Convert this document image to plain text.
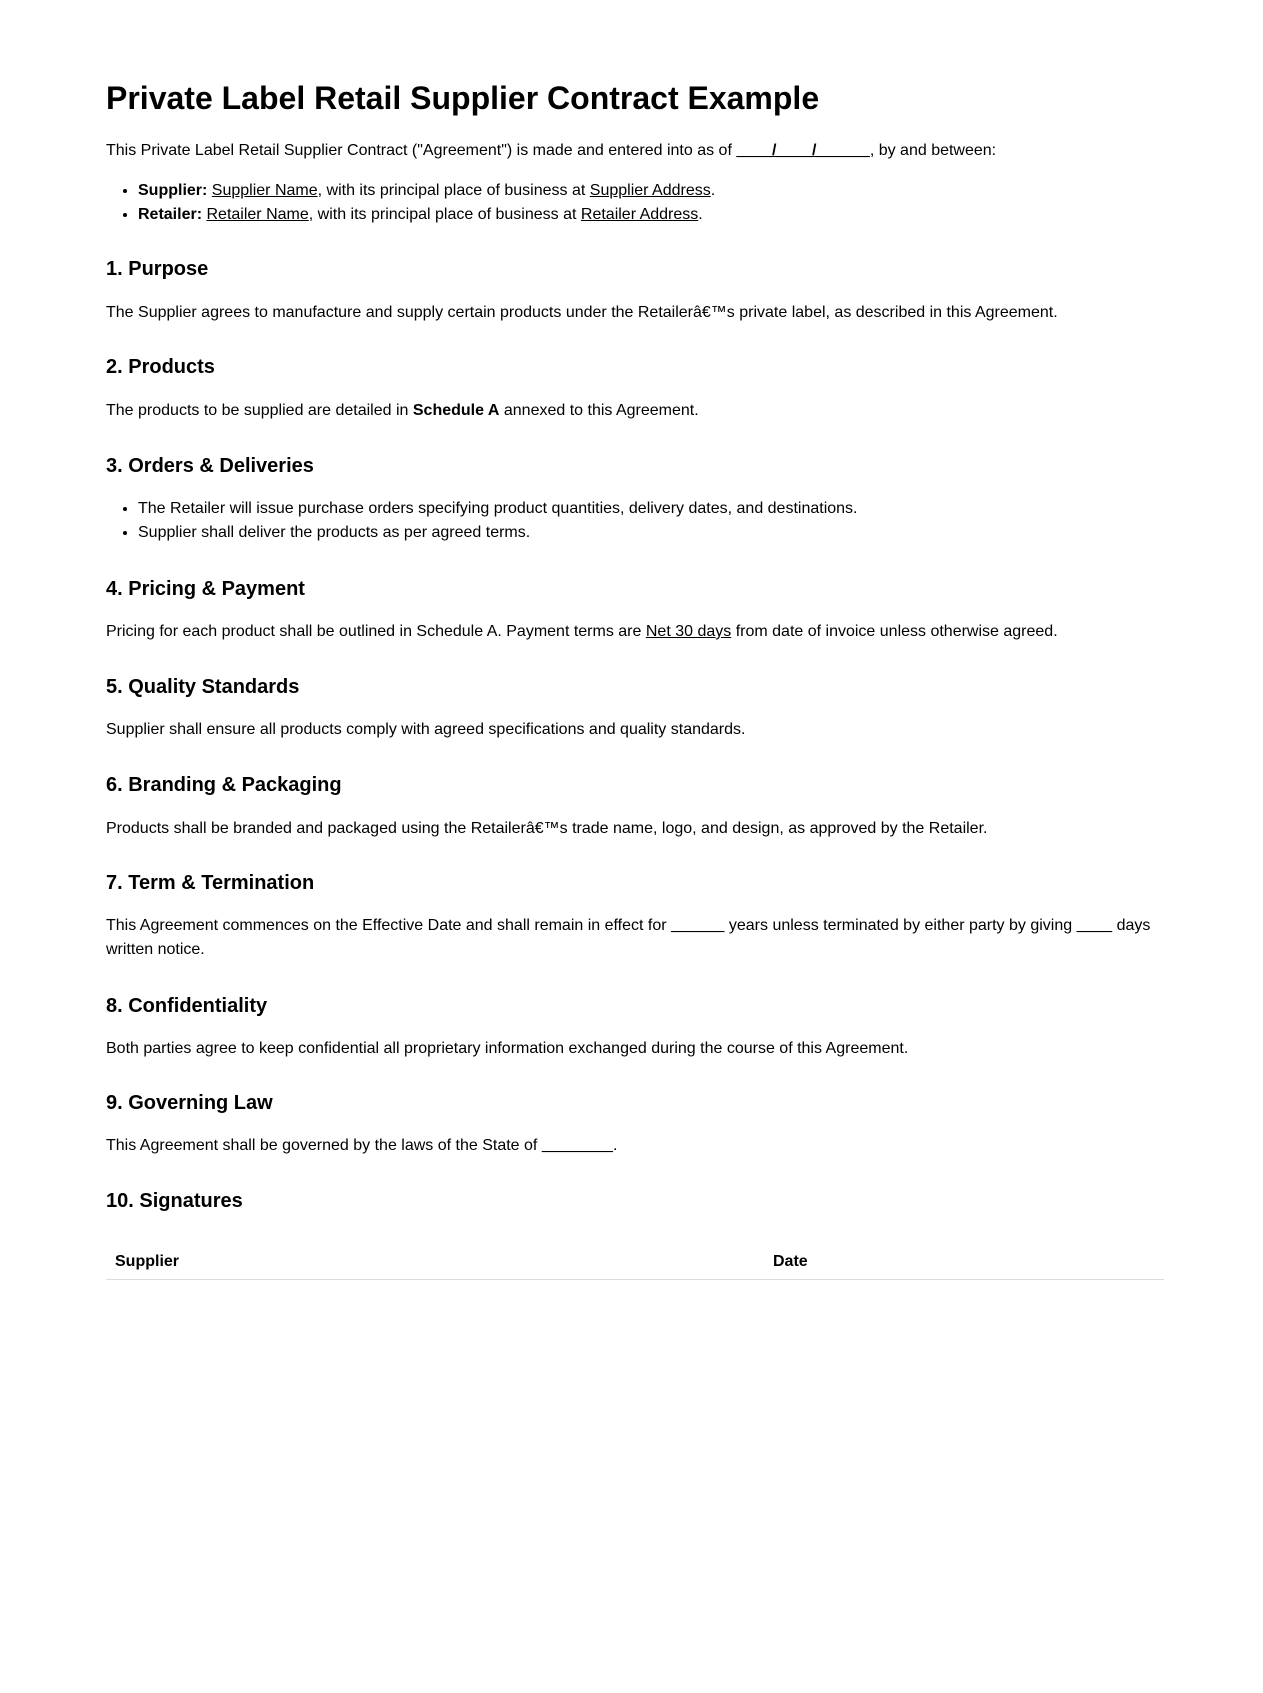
Private Label Retail Supplier Contract Example

This Private Label Retail Supplier Contract ("Agreement") is made and entered into as of ____/____/______, by and between:

• Supplier: Supplier Name, with its principal place of business at Supplier Address.
• Retailer: Retailer Name, with its principal place of business at Retailer Address.
1. Purpose

The Supplier agrees to manufacture and supply certain products under the Retailerâ€™s private label, as described in this Agreement.

2. Products

The products to be supplied are detailed in Schedule A annexed to this Agreement.

3. Orders & Deliveries
• The Retailer will issue purchase orders specifying product quantities, delivery dates, and destinations.
• Supplier shall deliver the products as per agreed terms.
4. Pricing & Payment

Pricing for each product shall be outlined in Schedule A. Payment terms are Net 30 days from date of invoice unless otherwise agreed.

5. Quality Standards

Supplier shall ensure all products comply with agreed specifications and quality standards.

6. Branding & Packaging

Products shall be branded and packaged using the Retailerâ€™s trade name, logo, and design, as approved by the Retailer.

7. Term & Termination

This Agreement commences on the Effective Date and shall remain in effect for ______ years unless terminated by either party by giving ____ days written notice.

8. Confidentiality

Both parties agree to keep confidential all proprietary information exchanged during the course of this Agreement.

9. Governing Law

This Agreement shall be governed by the laws of the State of ________.

10. Signatures
Supplier	Date
